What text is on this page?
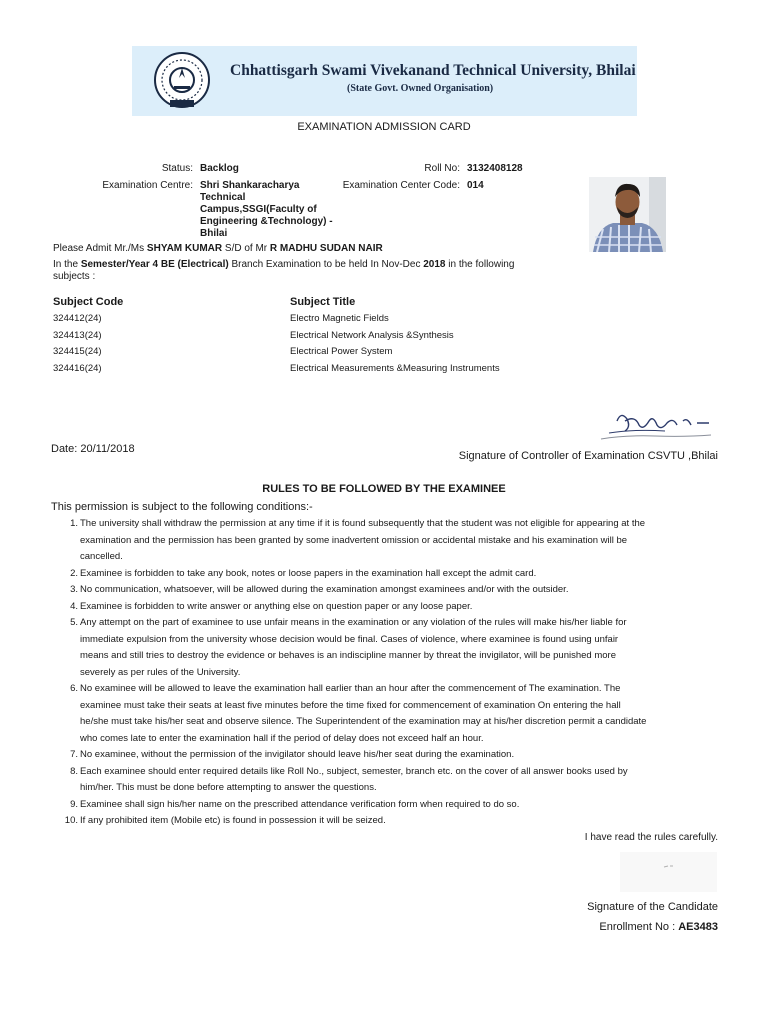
Chhattisgarh Swami Vivekanand Technical University, Bhilai
(State Govt. Owned Organisation)
EXAMINATION ADMISSION CARD
Status: Backlog	Roll No: 3132408128
Examination Centre: Shri Shankaracharya Technical Campus,SSGI(Faculty of Engineering &Technology) - Bhilai
Examination Center Code: 014
Please Admit Mr./Ms SHYAM KUMAR S/D of Mr R MADHU SUDAN NAIR
In the Semester/Year 4 BE (Electrical) Branch Examination to be held In Nov-Dec 2018 in the following
subjects :
Subject Code	Subject Title
324412(24)	Electro Magnetic Fields
324413(24)	Electrical Network Analysis &Synthesis
324415(24)	Electrical Power System
324416(24)	Electrical Measurements &Measuring Instruments
Date: 20/11/2018
Signature of Controller of Examination CSVTU ,Bhilai
RULES TO BE FOLLOWED BY THE EXAMINEE
This permission is subject to the following conditions:-
1. The university shall withdraw the permission at any time if it is found subsequently that the student was not eligible for appearing at the
examination and the permission has been granted by some inadvertent omission or accidental mistake and his examination will be
cancelled.
2. Examinee is forbidden to take any book, notes or loose papers in the examination hall except the admit card.
3. No communication, whatsoever, will be allowed during the examination amongst examinees and/or with the outsider.
4. Examinee is forbidden to write answer or anything else on question paper or any loose paper.
5. Any attempt on the part of examinee to use unfair means in the examination or any violation of the rules will make his/her liable for
immediate expulsion from the university whose decision would be final. Cases of violence, where examinee is found using unfair
means and still tries to destroy the evidence or behaves is an indiscipline manner by threat the invigilator, will be punished more
severely as per rules of the University.
6. No examinee will be allowed to leave the examination hall earlier than an hour after the commencement of The examination. The
examinee must take their seats at least five minutes before the time fixed for commencement of examination On entering the hall
he/she must take his/her seat and observe silence. The Superintendent of the examination may at his/her discretion permit a candidate
who comes late to enter the examination hall if the period of delay does not exceed half an hour.
7. No examinee, without the permission of the invigilator should leave his/her seat during the examination.
8. Each examinee should enter required details like Roll No., subject, semester, branch etc. on the cover of all answer books used by
him/her. This must be done before attempting to answer the questions.
9. Examinee shall sign his/her name on the prescribed attendance verification form when required to do so.
10. If any prohibited item (Mobile etc) is found in possession it will be seized.
I have read the rules carefully.
Signature of the Candidate
Enrollment No : AE3483
